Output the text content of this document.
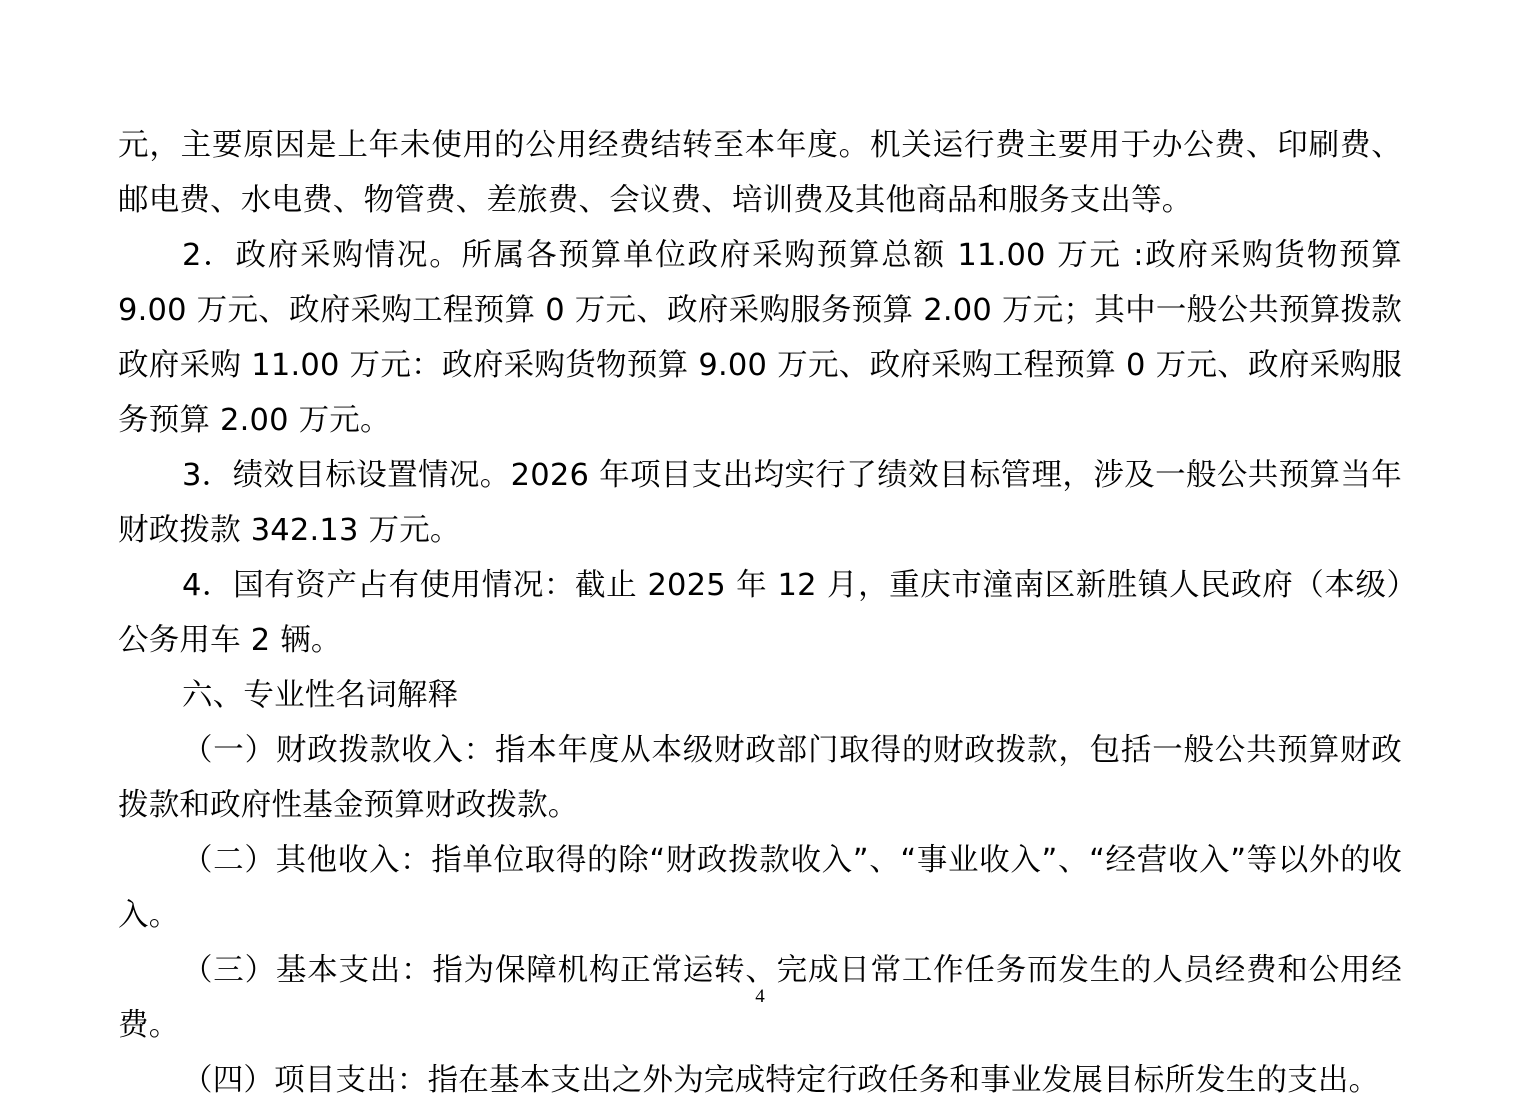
元，主要原因是上年未使用的公用经费结转至本年度。机关运行费主要用于办公费、印刷费、邮电费、水电费、物管费、差旅费、会议费、培训费及其他商品和服务支出等。

2．政府采购情况。所属各预算单位政府采购预算总额 11.00 万元 :政府采购货物预算 9.00 万元、政府采购工程预算 0 万元、政府采购服务预算 2.00 万元；其中一般公共预算拨款政府采购 11.00 万元：政府采购货物预算 9.00 万元、政府采购工程预算 0 万元、政府采购服务预算 2.00 万元。

3．绩效目标设置情况。2026 年项目支出均实行了绩效目标管理，涉及一般公共预算当年财政拨款 342.13 万元。

4．国有资产占有使用情况：截止 2025 年 12 月，重庆市潼南区新胜镇人民政府（本级）公务用车 2 辆。

六、专业性名词解释

（一）财政拨款收入：指本年度从本级财政部门取得的财政拨款，包括一般公共预算财政拨款和政府性基金预算财政拨款。

（二）其他收入：指单位取得的除“财政拨款收入”、“事业收入”、“经营收入”等以外的收入。

（三）基本支出：指为保障机构正常运转、完成日常工作任务而发生的人员经费和公用经费。

（四）项目支出：指在基本支出之外为完成特定行政任务和事业发展目标所发生的支出。

4
